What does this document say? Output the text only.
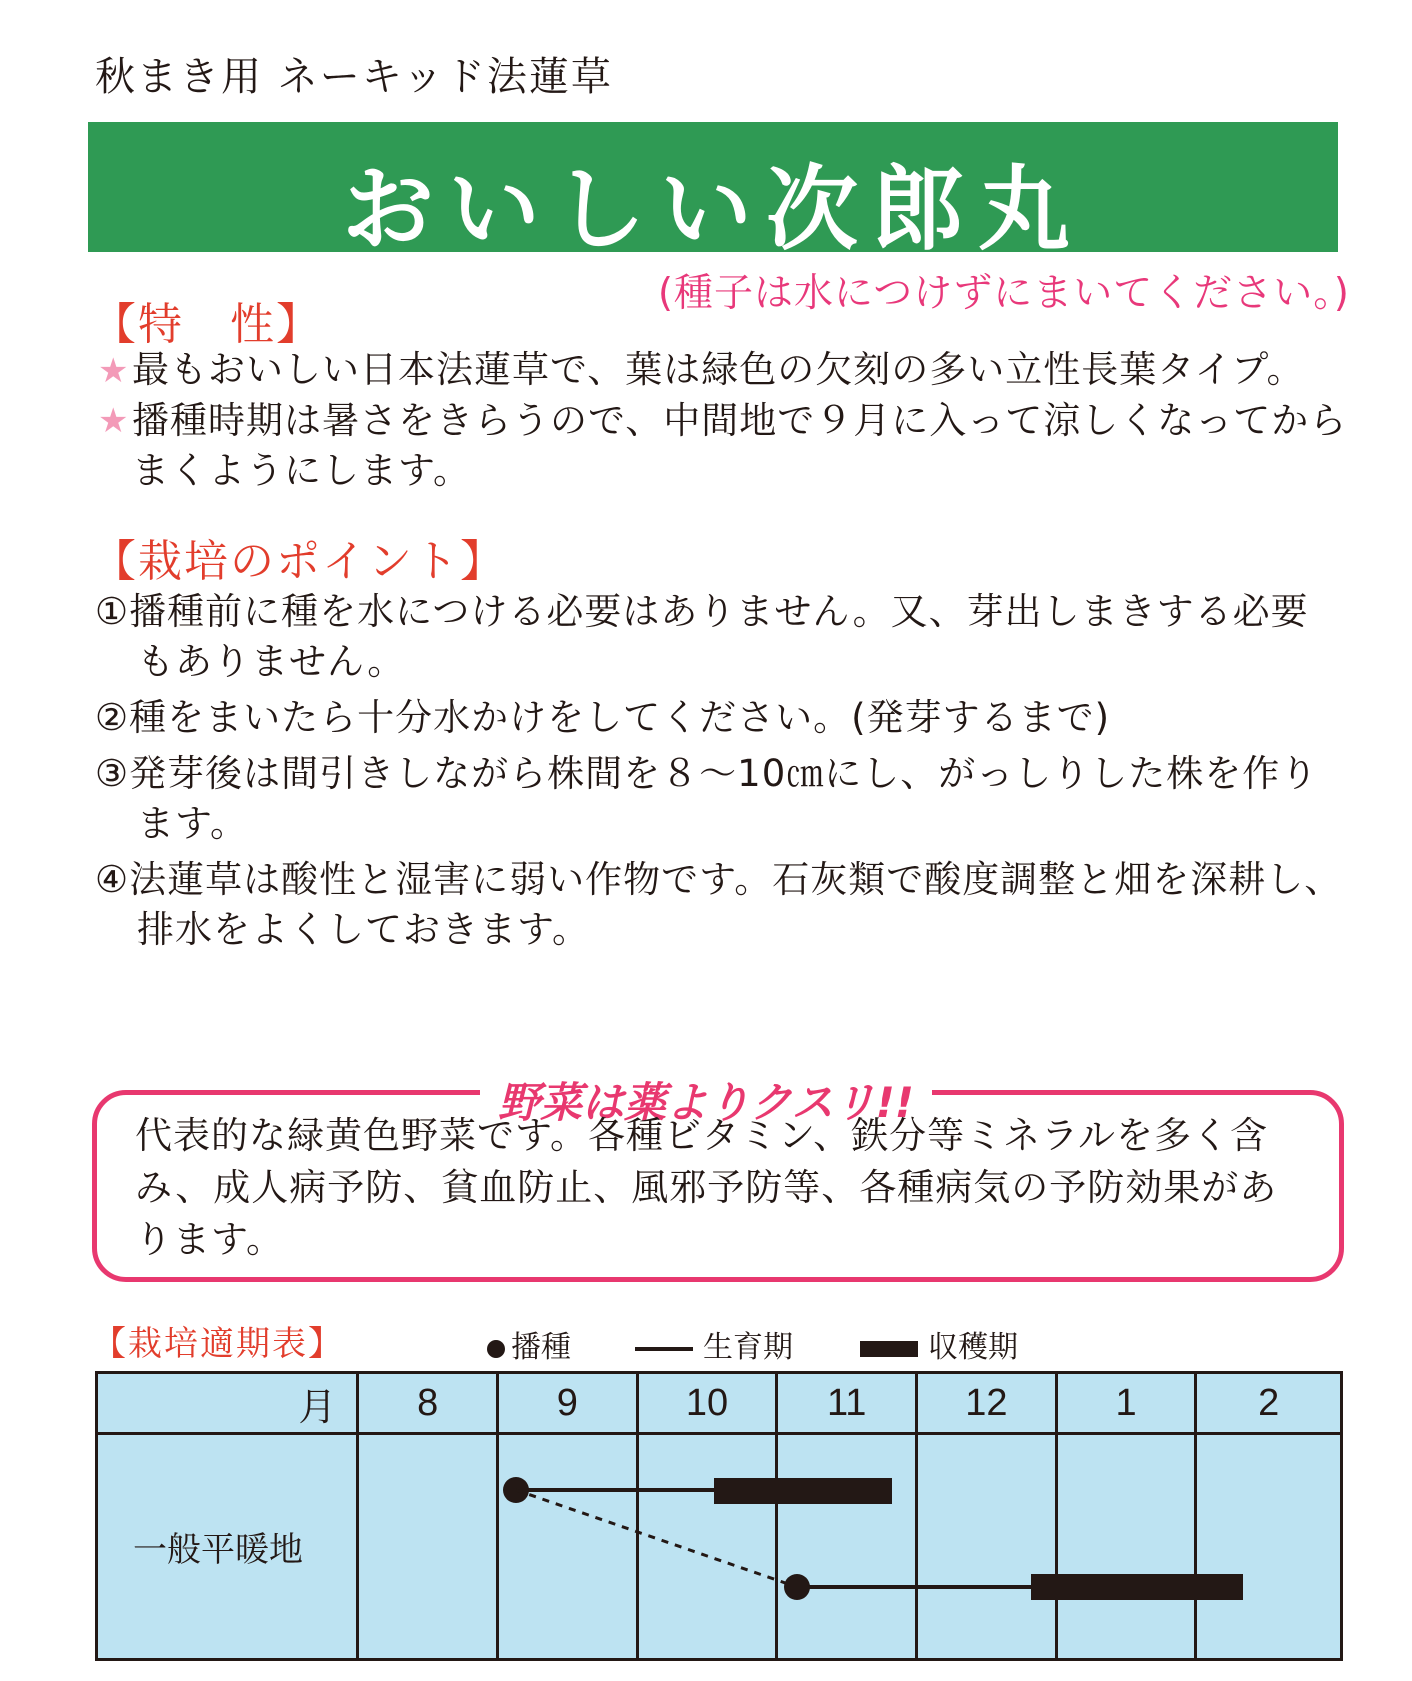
秋まき用 ネーキッド法蓮草
おいしい次郎丸
(種子は水につけずにまいてください。)
【特　性】
★最もおいしい日本法蓮草で、葉は緑色の欠刻の多い立性長葉タイプ。
★ 播種時期は暑さをきらうので、中間地で９月に入って涼しくなってからまくようにします。
【栽培のポイント】
①播種前に種を水につける必要はありません。又、芽出しまきする必要もありません。
②種をまいたら十分水かけをしてください。(発芽するまで)
③発芽後は間引きしながら株間を８～10㎝にし、がっしりした株を作ります。
④法蓮草は酸性と湿害に弱い作物です。石灰類で酸度調整と畑を深耕し、排水をよくしておきます。
野菜は薬よりクスリ!!
代表的な緑黄色野菜です。各種ビタミン、鉄分等ミネラルを多く含み、成人病予防、貧血防止、風邪予防等、各種病気の予防効果があります。
【栽培適期表】	播種	生育期	収穫期
月	8	9	10	11	12	1	2
一般平暖地							
